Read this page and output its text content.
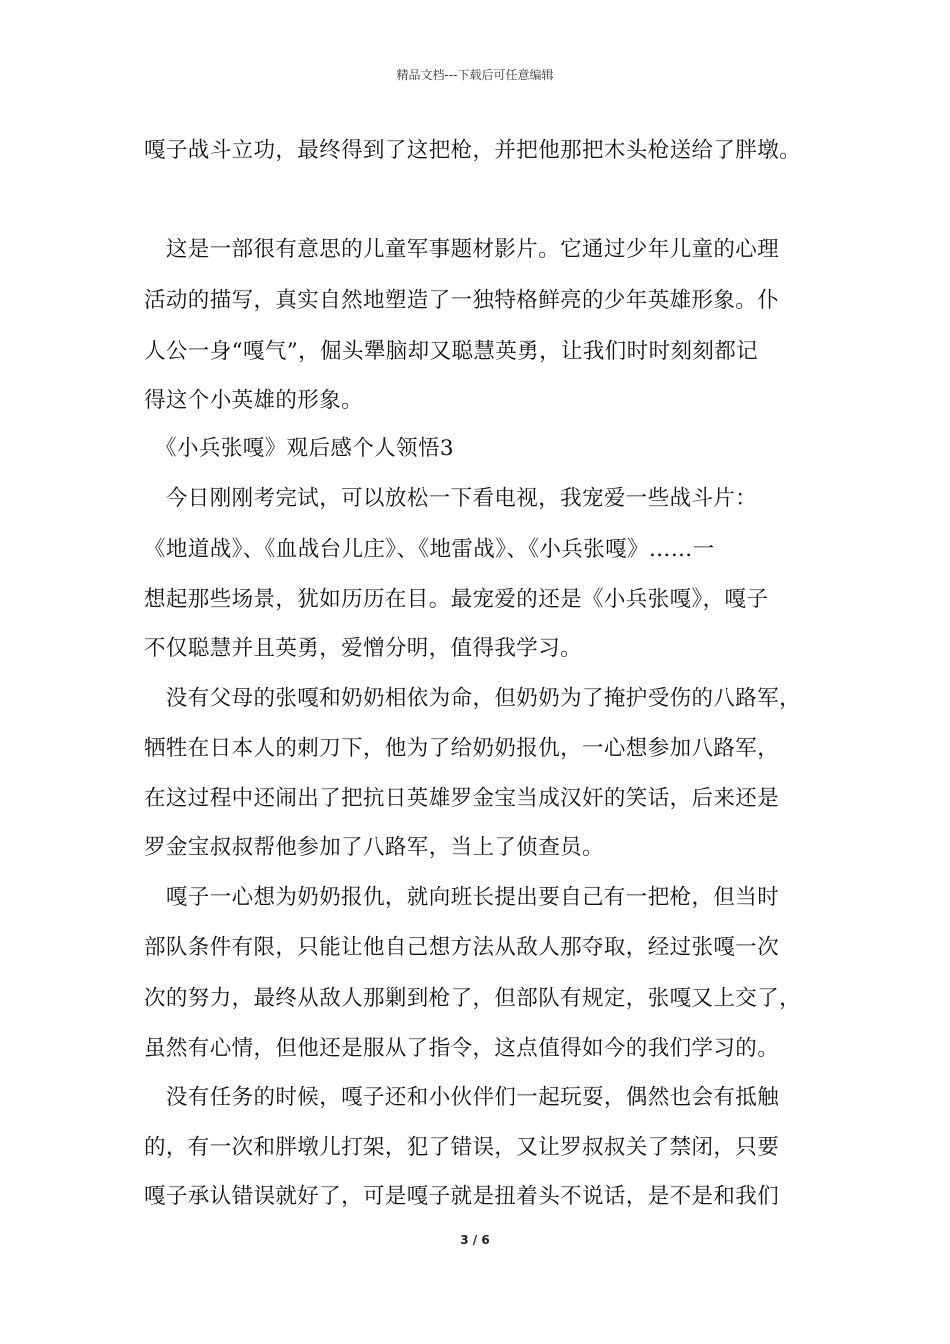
精品文档---下载后可任意编辑
嘎子战斗立功，最终得到了这把枪，并把他那把木头枪送给了胖墩。
　这是一部很有意思的儿童军事题材影片。它通过少年儿童的心理
活动的描写，真实自然地塑造了一独特格鲜亮的少年英雄形象。仆
人公一身“嘎气”，倔头犟脑却又聪慧英勇，让我们时时刻刻都记
得这个小英雄的形象。
　《小兵张嘎》观后感个人领悟3
　今日刚刚考完试，可以放松一下看电视，我宠爱一些战斗片：
《地道战》、《血战台儿庄》、《地雷战》、《小兵张嘎》……一
想起那些场景，犹如历历在目。最宠爱的还是《小兵张嘎》，嘎子
不仅聪慧并且英勇，爱憎分明，值得我学习。
　没有父母的张嘎和奶奶相依为命，但奶奶为了掩护受伤的八路军，
牺牲在日本人的刺刀下，他为了给奶奶报仇，一心想参加八路军，
在这过程中还闹出了把抗日英雄罗金宝当成汉奸的笑话，后来还是
罗金宝叔叔帮他参加了八路军，当上了侦查员。
　嘎子一心想为奶奶报仇，就向班长提出要自己有一把枪，但当时
部队条件有限，只能让他自己想方法从敌人那夺取，经过张嘎一次
次的努力，最终从敌人那剿到枪了，但部队有规定，张嘎又上交了，
虽然有心情，但他还是服从了指令，这点值得如今的我们学习的。
　没有任务的时候，嘎子还和小伙伴们一起玩耍，偶然也会有抵触
的，有一次和胖墩儿打架，犯了错误，又让罗叔叔关了禁闭，只要
嘎子承认错误就好了，可是嘎子就是扭着头不说话，是不是和我们
3 / 6
